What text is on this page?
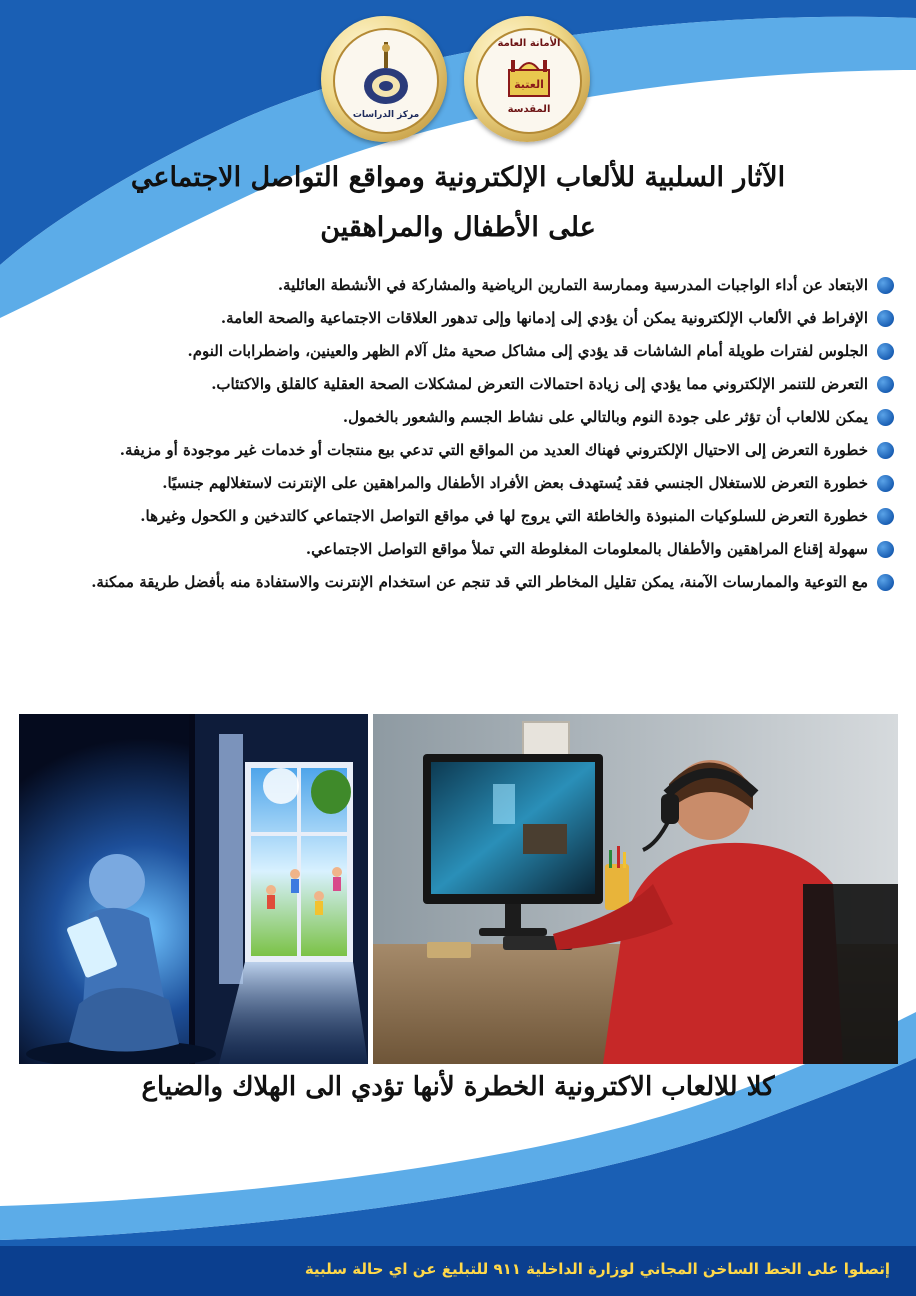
الأمانة العامة
العتبة
المقدسة
مركز الدراسات
الآثار السلبية للألعاب الإلكترونية ومواقع التواصل الاجتماعي
على الأطفال والمراهقين
الابتعاد عن أداء الواجبات المدرسية وممارسة التمارين الرياضية والمشاركة في الأنشطة العائلية.
الإفراط في الألعاب الإلكترونية يمكن أن يؤدي إلى إدمانها وإلى تدهور العلاقات الاجتماعية والصحة العامة.
الجلوس لفترات طويلة أمام الشاشات قد يؤدي إلى مشاكل صحية مثل آلام الظهر والعينين، واضطرابات النوم.
التعرض للتنمر الإلكتروني مما يؤدي إلى زيادة احتمالات التعرض لمشكلات الصحة العقلية كالقلق والاكتئاب.
يمكن للالعاب أن تؤثر على جودة النوم وبالتالي على نشاط الجسم والشعور بالخمول.
خطورة التعرض إلى الاحتيال الإلكتروني فهناك العديد من المواقع التي تدعي بيع منتجات أو خدمات غير موجودة أو مزيفة.
خطورة التعرض للاستغلال الجنسي فقد يُستهدف بعض الأفراد الأطفال والمراهقين على الإنترنت لاستغلالهم جنسيًا.
خطورة التعرض للسلوكيات المنبوذة والخاطئة التي يروج لها في مواقع التواصل الاجتماعي كالتدخين و الكحول وغيرها.
سهولة إقناع المراهقين والأطفال بالمعلومات المغلوطة التي تملأ مواقع التواصل الاجتماعي.
مع التوعية والممارسات الآمنة، يمكن تقليل المخاطر التي قد تنجم عن استخدام الإنترنت والاستفادة منه بأفضل طريقة ممكنة.
كلا للالعاب الاكترونية الخطرة لأنها تؤدي الى الهلاك والضياع
إتصلوا على الخط الساخن المجاني لوزارة الداخلية ٩١١ للتبليغ عن اي حالة سلبية
